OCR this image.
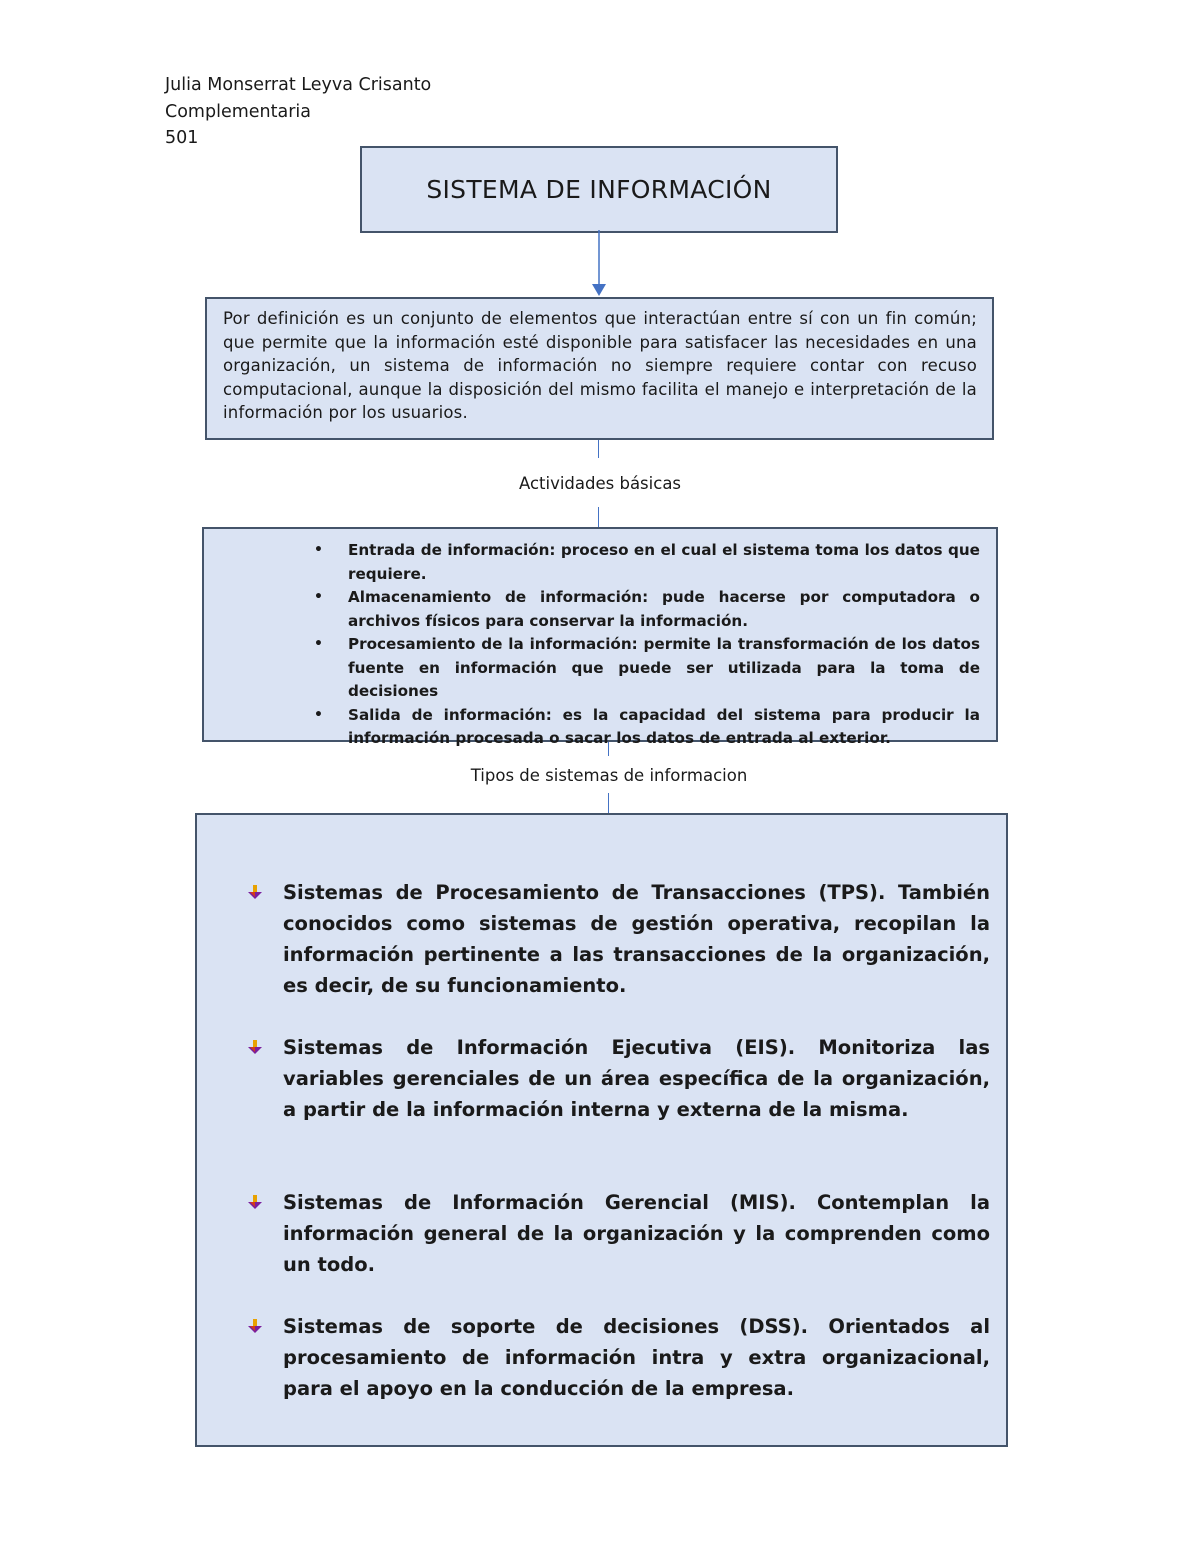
Julia Monserrat Leyva Crisanto
Complementaria
501
SISTEMA DE INFORMACIÓN

Por definición es un conjunto de elementos que interactúan entre sí con un fin común; que permite que la información esté disponible para satisfacer las necesidades en una organización, un sistema de información no siempre requiere contar con recuso computacional, aunque la disposición del mismo facilita el manejo e interpretación de la información por los usuarios.

Actividades básicas
• Entrada de información: proceso en el cual el sistema toma los datos que requiere.
• Almacenamiento de información: pude hacerse por computadora o archivos físicos para conservar la información.
• Procesamiento de la información: permite la transformación de los datos fuente en información que puede ser utilizada para la toma de decisiones
• Salida de información: es la capacidad del sistema para producir la información procesada o sacar los datos de entrada al exterior.
Tipos de sistemas de informacion
Sistemas de Procesamiento de Transacciones (TPS). También conocidos como sistemas de gestión operativa, recopilan la información pertinente a las transacciones de la organización, es decir, de su funcionamiento.
Sistemas de Información Ejecutiva (EIS). Monitoriza las variables gerenciales de un área específica de la organización, a partir de la información interna y externa de la misma.
Sistemas de Información Gerencial (MIS). Contemplan la información general de la organización y la comprenden como un todo.
Sistemas de soporte de decisiones (DSS). Orientados al procesamiento de información intra y extra organizacional, para el apoyo en la conducción de la empresa.
